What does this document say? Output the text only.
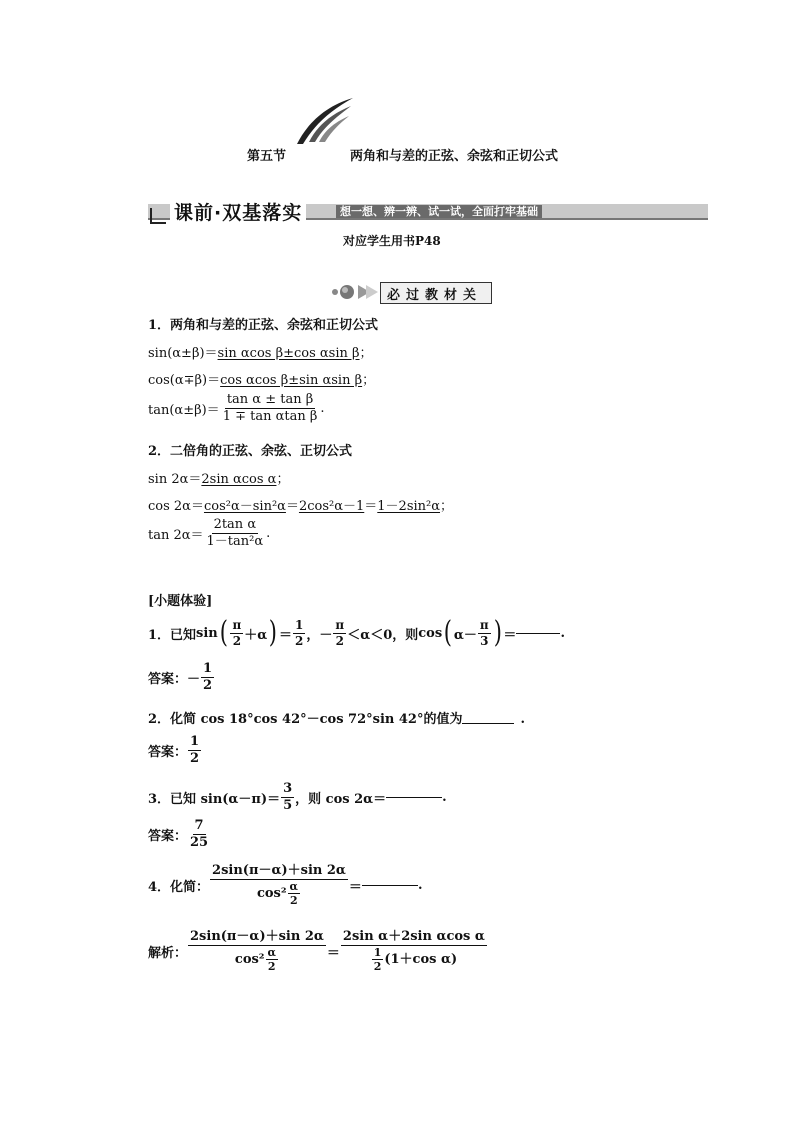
第五节	两角和与差的正弦、余弦和正切公式
课前·双基落实	想一想、辨一辨、试一试，全面打牢基础
对应学生用书P48
必过教材关
1．两角和与差的正弦、余弦和正切公式
sin(α±β)＝sin αcos β±cos αsin β；
cos(α∓β)＝cos αcos β±sin αsin β；
$\tan(\alpha\pm\beta)= \frac{\text{tan α ± tan β}}{\text{1 ∓ tan αtan β}}$ .
2．二倍角的正弦、余弦、正切公式
sin 2α＝2sin αcos α；
cos 2α＝cos²α－sin²α＝2cos²α－1＝1－2sin²α；
$\tan 2\alpha= \frac{\text{2tan α}}{\text{1－tan²α}}$ .
[小题体验]
1．已知 sin ( $\frac{\pi}{2} +\alpha$ ) ＝ $\frac{1}{2}$ ，－ $\frac{\pi}{2} <\alpha<0$，则 cos ( $\alpha- \frac{\pi}{3}$ ) ＝	.
答案： － $\frac{1}{2}$
2．化简 cos 18°cos 42°－cos 72°sin 42°的值为	.
答案： $\frac{1}{2}$
3．已知 $\sin(\alpha-\pi)= \frac{3}{5}$ ，则 cos 2α＝	.
答案： $\frac{7}{25}$
4．化简： $\frac{2\sin(\pi-\alpha)+\sin 2\alpha}{\cos^2 \frac{\alpha}{2}}$ ＝	.
解析： $\frac{2\sin(\pi-\alpha)+\sin 2\alpha}{\cos^2 \frac{\alpha}{2}} = \frac{\text{2sin α＋2sin αcos α}}{\frac{1}{2} (1+\cos \alpha)}$
